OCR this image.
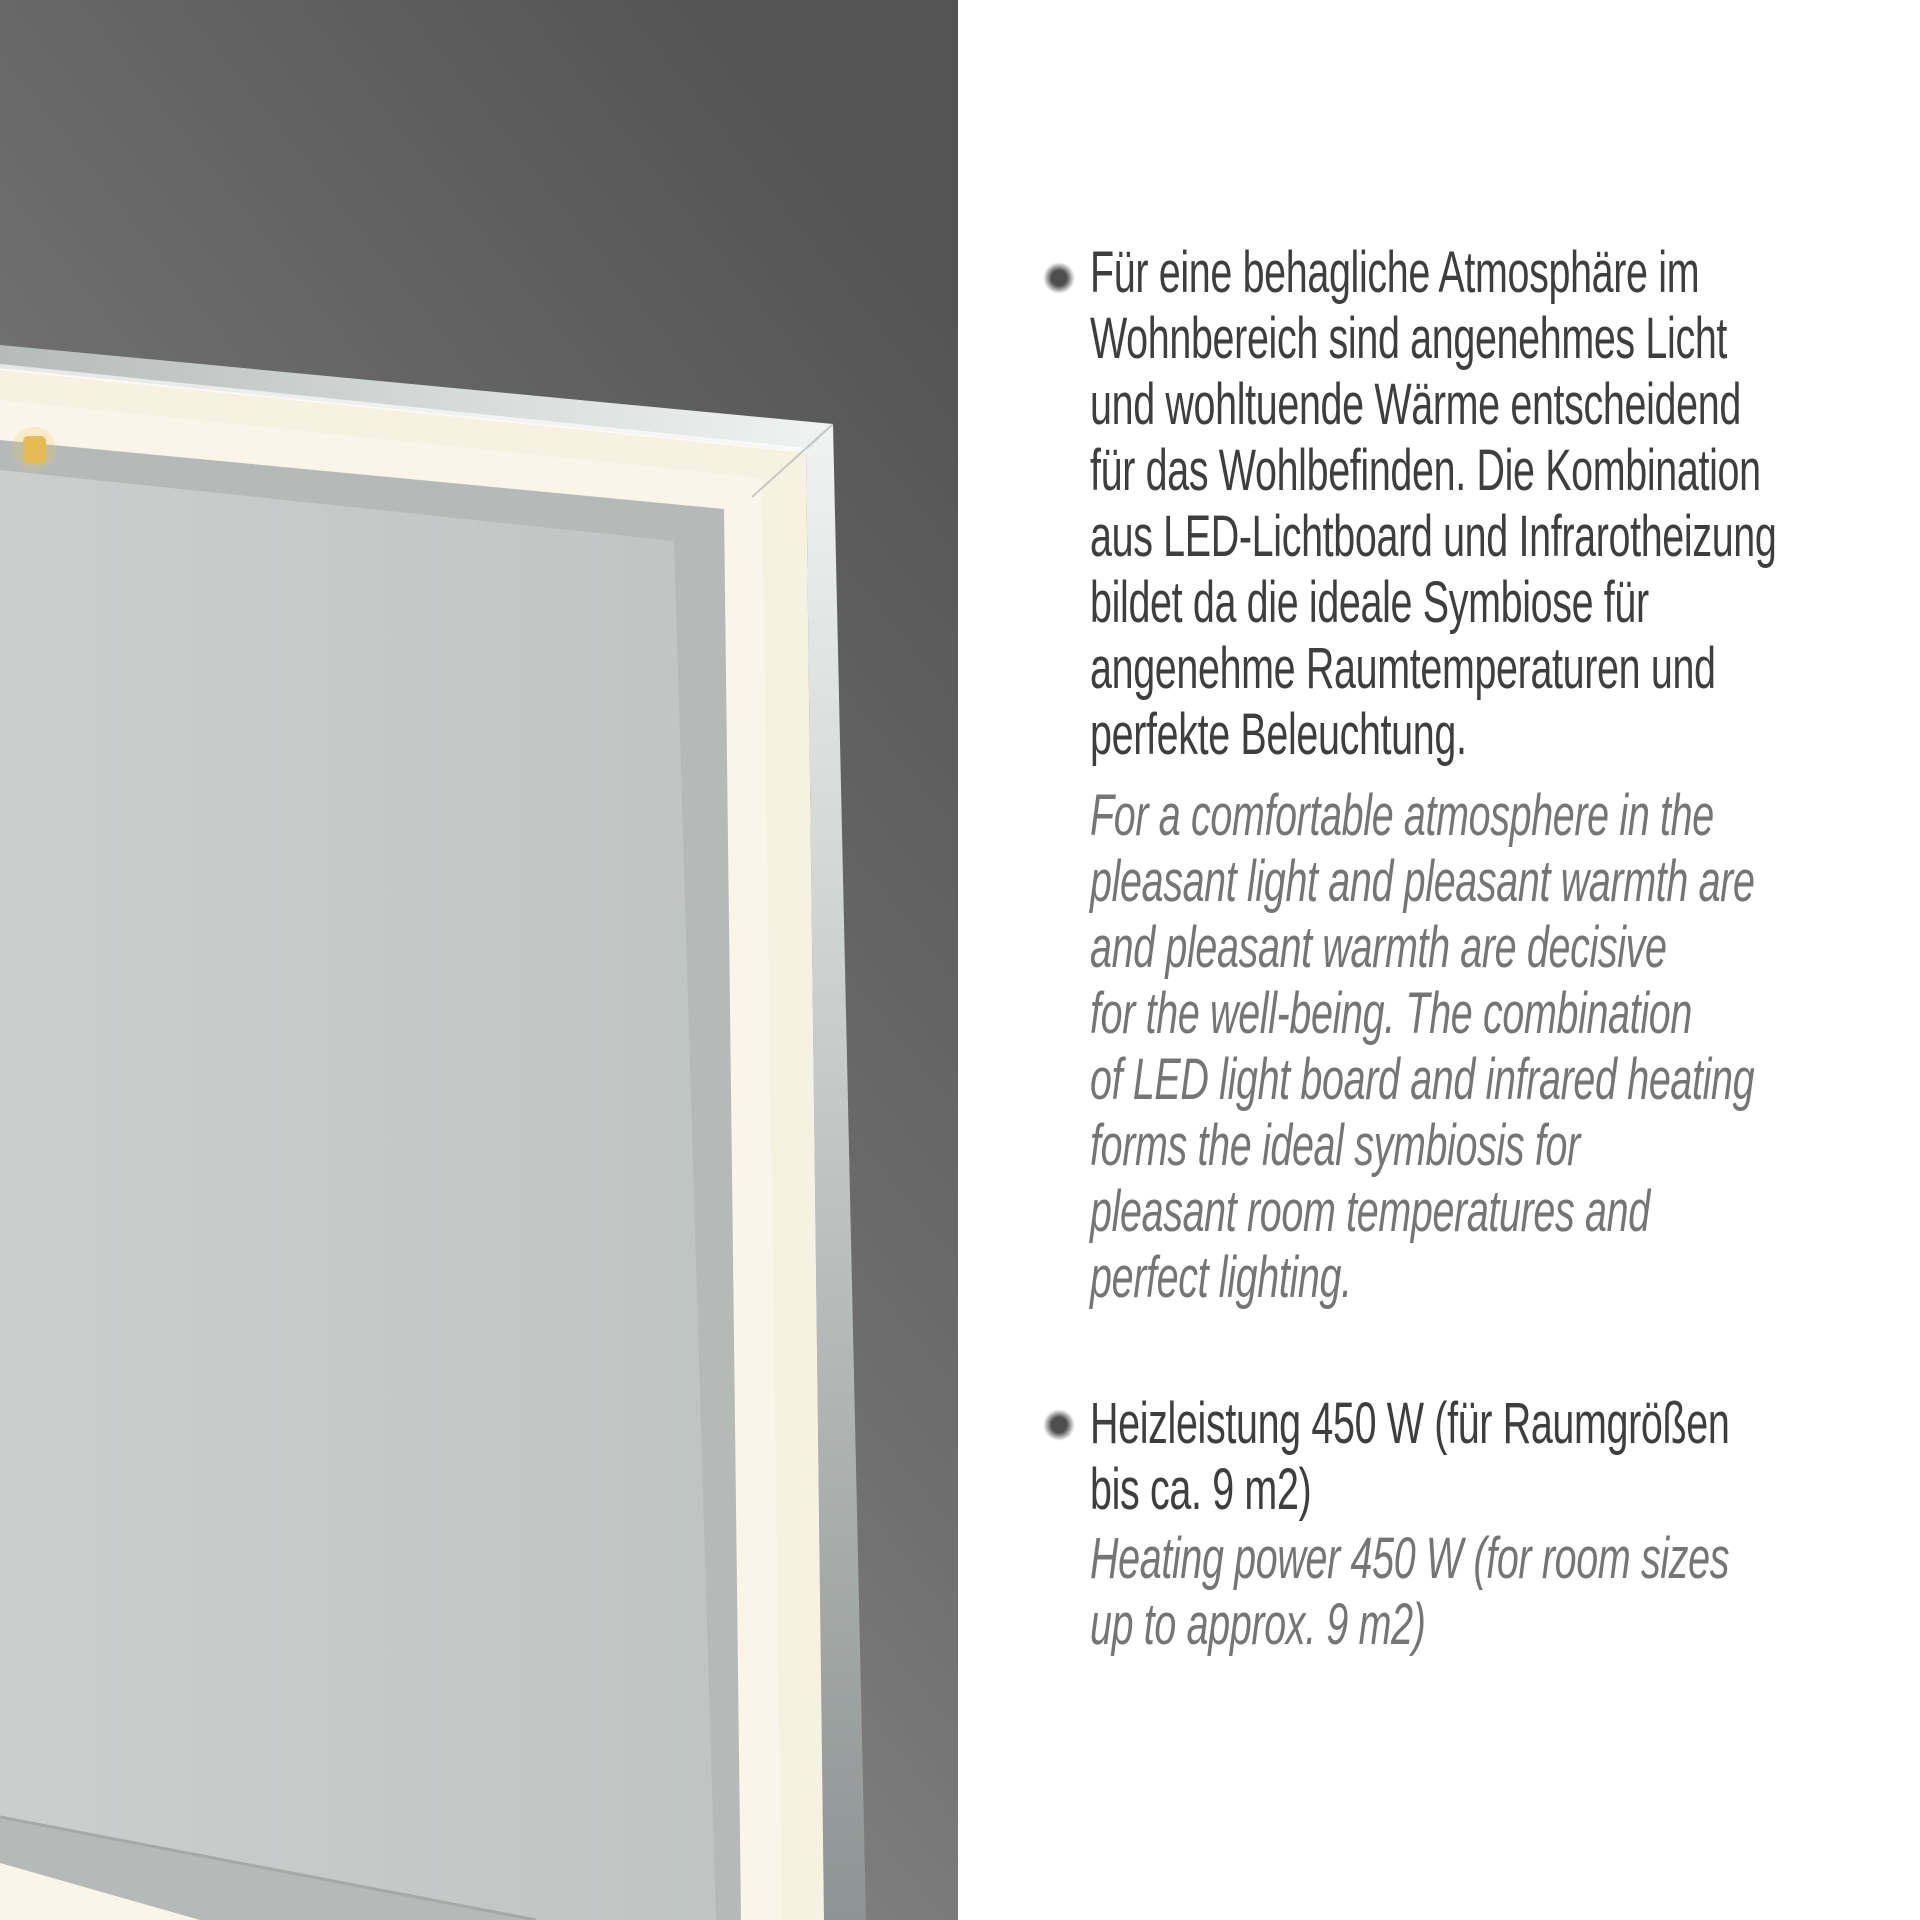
Für eine behagliche Atmosphäre im
Wohnbereich sind angenehmes Licht
und wohltuende Wärme entscheidend
für das Wohlbefinden. Die Kombination
aus LED-Lichtboard und Infrarotheizung
bildet da die ideale Symbiose für
angenehme Raumtemperaturen und
perfekte Beleuchtung.
For a comfortable atmosphere in the
pleasant light and pleasant warmth are
and pleasant warmth are decisive
for the well-being. The combination
of LED light board and infrared heating
forms the ideal symbiosis for
pleasant room temperatures and
perfect lighting.
Heizleistung 450 W (für Raumgrößen
bis ca. 9 m2)
Heating power 450 W (for room sizes
up to approx. 9 m2)
